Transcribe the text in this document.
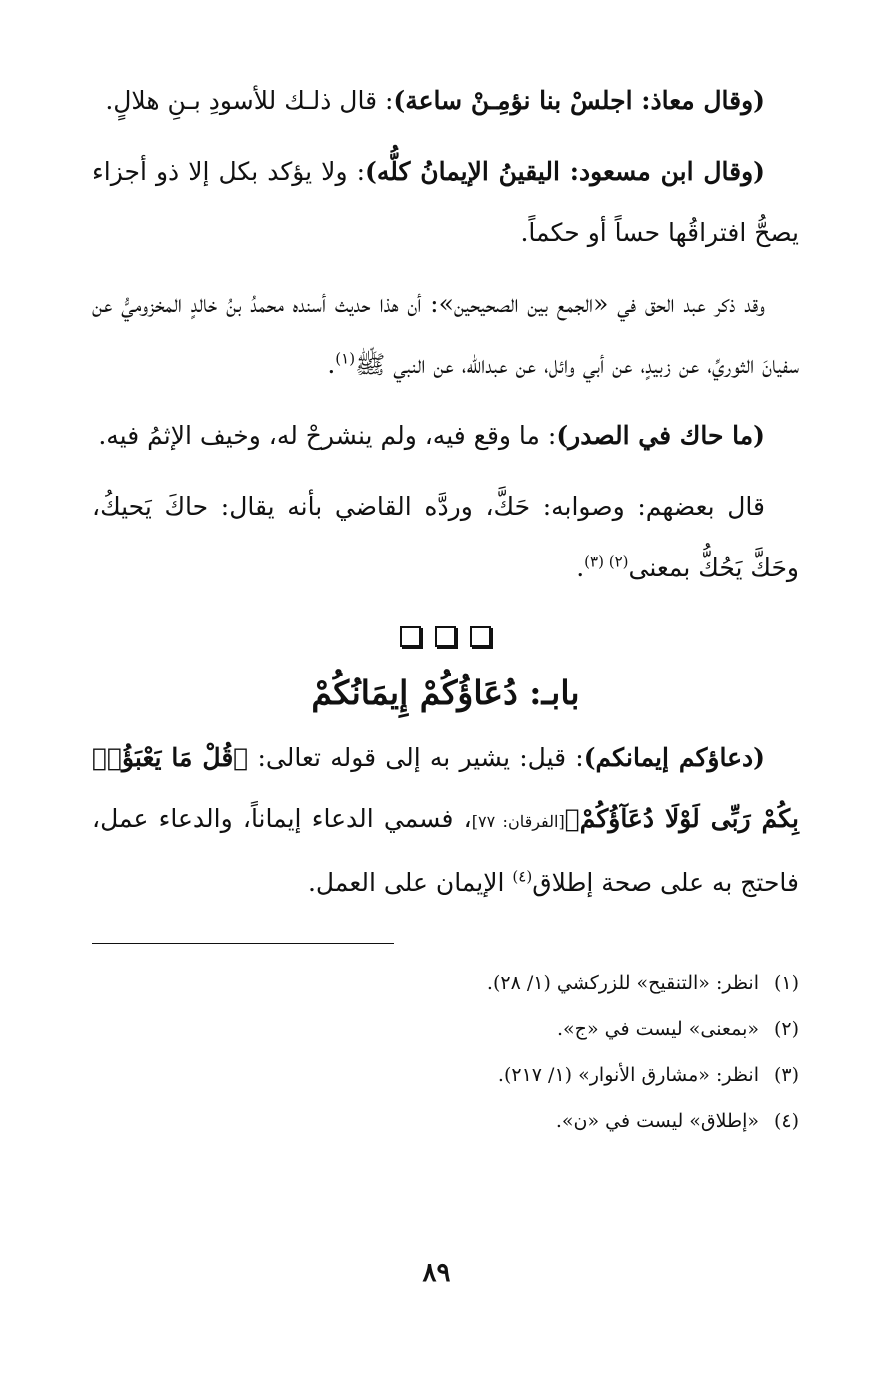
(وقال معاذ: اجلسْ بنا نؤمِـنْ ساعة): قال ذلـك للأسودِ بـنِ هلالٍ.

(وقال ابن مسعود: اليقينُ الإيمانُ كلُّه): ولا يؤكد بكل إلا ذو أجزاء يصحُّ افتراقُها حساً أو حكماً.

وقد ذكر عبد الحق في «الجمع بين الصحيحين»: أن هذا حديث أسنده محمدُ بنُ خالدٍ المخزوميُّ عن سفيانَ الثوريِّ، عن زبيدٍ، عن أبي وائل، عن عبدالله، عن النبي ﷺ$^{(١)}$.

(ما حاك في الصدر): ما وقع فيه، ولم ينشرحْ له، وخيف الإثمُ فيه.

قال بعضهم: وصوابه: حَكَّ، وردَّه القاضي بأنه يقال: حاكَ يَحيكُ، وحَكَّ يَحُكُّ بمعنى$^{(٢) (٣)}$.

بابـ: دُعَاؤُكُمْ إِيمَانُكُمْ

(دعاؤكم إيمانكم): قيل: يشير به إلى قوله تعالى: ﴿قُلْ مَا يَعْبَؤُا۟ بِكُمْ رَبِّى لَوْلَا دُعَآؤُكُمْ﴾[الفرقان: ٧٧]، فسمي الدعاء إيماناً، والدعاء عمل، فاحتج به على صحة إطلاق$^{(٤)}$ الإيمان على العمل.

(١)انظر: «التنقيح» للزركشي (١/ ٢٨).
(٢)«بمعنى» ليست في «ج».
(٣)انظر: «مشارق الأنوار» (١/ ٢١٧).
(٤)«إطلاق» ليست في «ن».
٨٩
